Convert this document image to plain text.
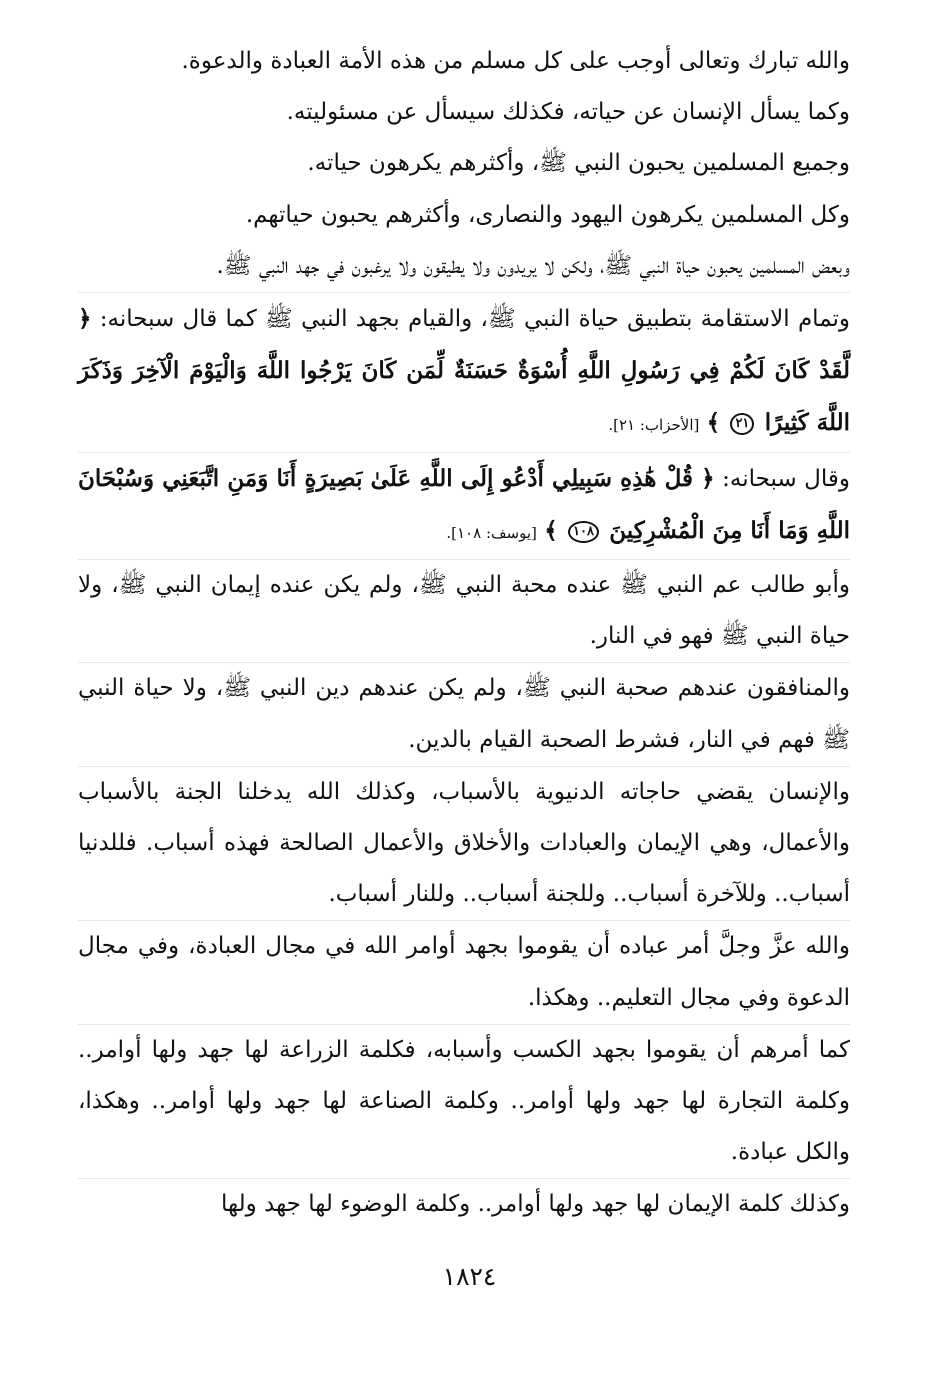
والله تبارك وتعالى أوجب على كل مسلم من هذه الأمة العبادة والدعوة.

وكما يسأل الإنسان عن حياته، فكذلك سيسأل عن مسئوليته.

وجميع المسلمين يحبون النبي ﷺ، وأكثرهم يكرهون حياته.

وكل المسلمين يكرهون اليهود والنصارى، وأكثرهم يحبون حياتهم.

وبعض المسلمين يحبون حياة النبي ﷺ، ولكن لا يريدون ولا يطيقون ولا يرغبون في جهد النبي ﷺ.

وتمام الاستقامة بتطبيق حياة النبي ﷺ، والقيام بجهد النبي ﷺ كما قال سبحانه: ﴿ لَّقَدْ كَانَ لَكُمْ فِي رَسُولِ اللَّهِ أُسْوَةٌ حَسَنَةٌ لِّمَن كَانَ يَرْجُوا اللَّهَ وَالْيَوْمَ الْآخِرَ وَذَكَرَ اللَّهَ كَثِيرًا ٢١ ﴾ [الأحزاب: ٢١].

وقال سبحانه: ﴿ قُلْ هَٰذِهِ سَبِيلِي أَدْعُو إِلَى اللَّهِ عَلَىٰ بَصِيرَةٍ أَنَا وَمَنِ اتَّبَعَنِي وَسُبْحَانَ اللَّهِ وَمَا أَنَا مِنَ الْمُشْرِكِينَ ١٠٨ ﴾ [يوسف: ١٠٨].

وأبو طالب عم النبي ﷺ عنده محبة النبي ﷺ، ولم يكن عنده إيمان النبي ﷺ، ولا حياة النبي ﷺ فهو في النار.

والمنافقون عندهم صحبة النبي ﷺ، ولم يكن عندهم دين النبي ﷺ، ولا حياة النبي ﷺ فهم في النار، فشرط الصحبة القيام بالدين.

والإنسان يقضي حاجاته الدنيوية بالأسباب، وكذلك الله يدخلنا الجنة بالأسباب والأعمال، وهي الإيمان والعبادات والأخلاق والأعمال الصالحة فهذه أسباب. فللدنيا أسباب.. وللآخرة أسباب.. وللجنة أسباب.. وللنار أسباب.

والله عزَّ وجلَّ أمر عباده أن يقوموا بجهد أوامر الله في مجال العبادة، وفي مجال الدعوة وفي مجال التعليم.. وهكذا.

كما أمرهم أن يقوموا بجهد الكسب وأسبابه، فكلمة الزراعة لها جهد ولها أوامر.. وكلمة التجارة لها جهد ولها أوامر.. وكلمة الصناعة لها جهد ولها أوامر.. وهكذا، والكل عبادة.

وكذلك كلمة الإيمان لها جهد ولها أوامر.. وكلمة الوضوء لها جهد ولها

١٨٢٤
